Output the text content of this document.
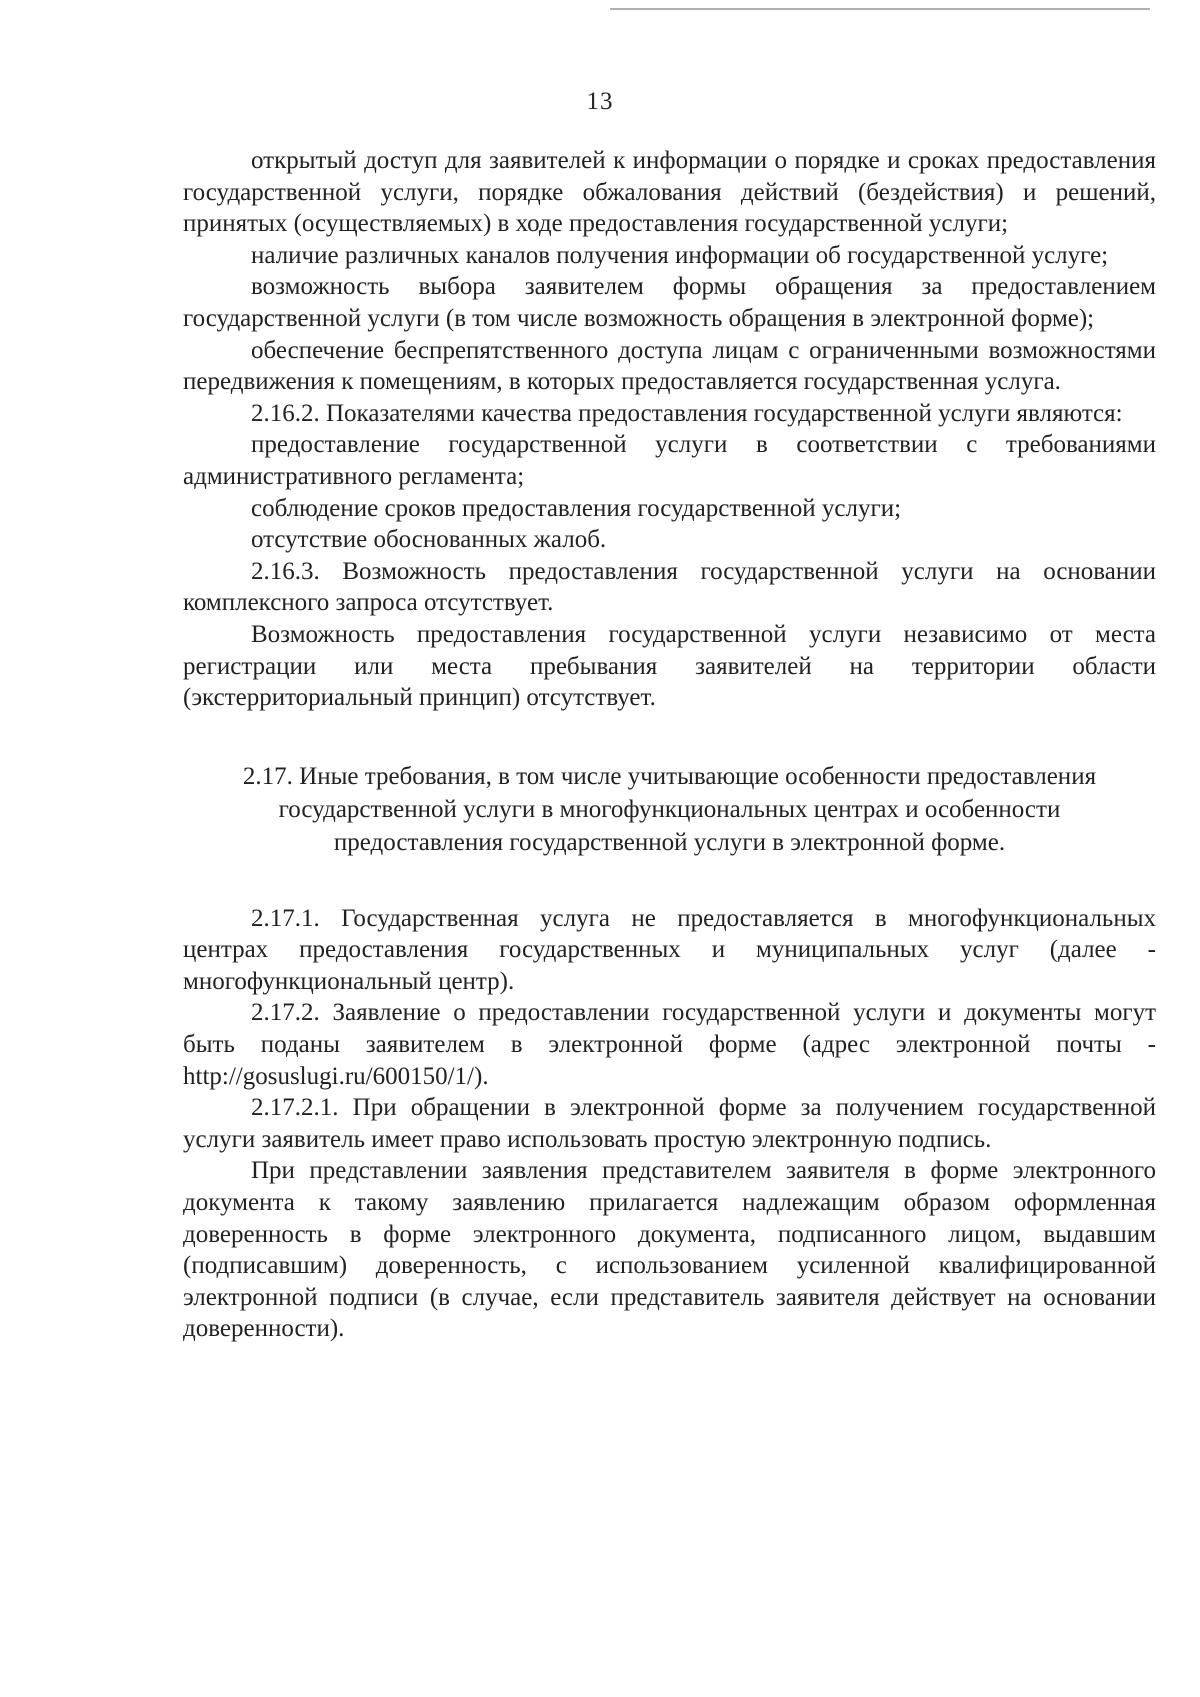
13

открытый доступ для заявителей к информации о порядке и сроках предоставления государственной услуги, порядке обжалования действий (бездействия) и решений, принятых (осуществляемых) в ходе предоставления государственной услуги;

наличие различных каналов получения информации об государственной услуге;

возможность выбора заявителем формы обращения за предоставлением государственной услуги (в том числе возможность обращения в электронной форме);

обеспечение беспрепятственного доступа лицам с ограниченными возможностями передвижения к помещениям, в которых предоставляется государственная услуга.

2.16.2. Показателями качества предоставления государственной услуги являются:

предоставление государственной услуги в соответствии с требованиями административного регламента;

соблюдение сроков предоставления государственной услуги;

отсутствие обоснованных жалоб.

2.16.3. Возможность предоставления государственной услуги на основании комплексного запроса отсутствует.

Возможность предоставления государственной услуги независимо от места регистрации или места пребывания заявителей на территории области (экстерриториальный принцип) отсутствует.

2.17. Иные требования, в том числе учитывающие особенности предоставления
государственной услуги в многофункциональных центрах и особенности
предоставления государственной услуги в электронной форме.

2.17.1. Государственная услуга не предоставляется в многофункциональных центрах предоставления государственных и муниципальных услуг (далее - многофункциональный центр).

2.17.2. Заявление о предоставлении государственной услуги и документы могут быть поданы заявителем в электронной форме (адрес электронной почты - http://gosuslugi.ru/600150/1/).

2.17.2.1. При обращении в электронной форме за получением государственной услуги заявитель имеет право использовать простую электронную подпись.

При представлении заявления представителем заявителя в форме электронного документа к такому заявлению прилагается надлежащим образом оформленная доверенность в форме электронного документа, подписанного лицом, выдавшим (подписавшим) доверенность, с использованием усиленной квалифицированной электронной подписи (в случае, если представитель заявителя действует на основании доверенности).
